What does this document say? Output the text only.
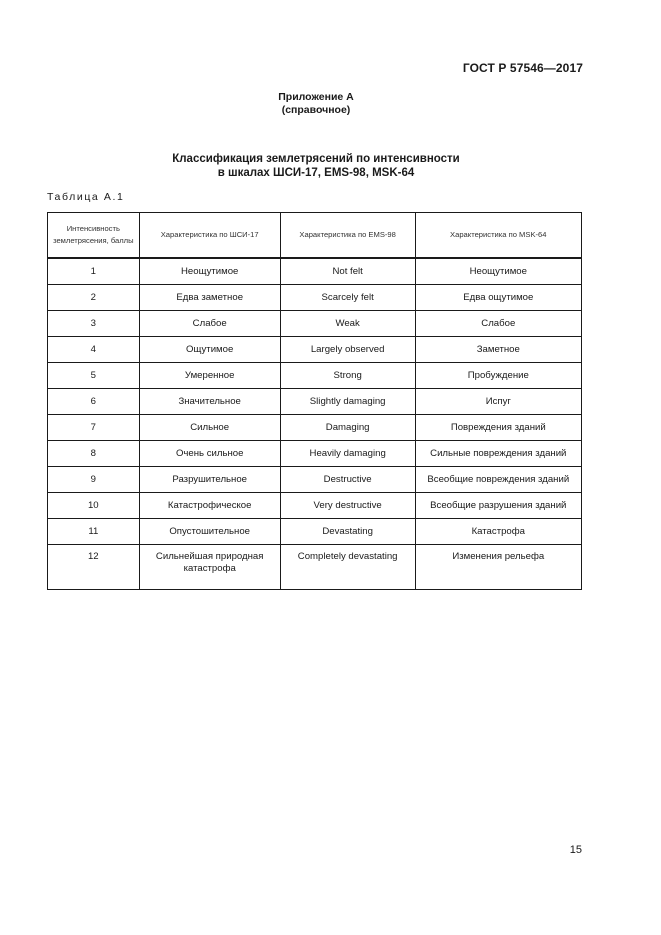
ГОСТ Р 57546—2017
Приложение А
(справочное)
Классификация землетрясений по интенсивности
в шкалах ШСИ-17, EMS-98, MSK-64
Таблица А.1
Интенсивность землетрясения, баллы	Характеристика по ШСИ-17	Характеристика по EMS-98	Характеристика по MSK-64
1	Неощутимое	Not felt	Неощутимое
2	Едва заметное	Scarcely felt	Едва ощутимое
3	Слабое	Weak	Слабое
4	Ощутимое	Largely observed	Заметное
5	Умеренное	Strong	Пробуждение
6	Значительное	Slightly damaging	Испуг
7	Сильное	Damaging	Повреждения зданий
8	Очень сильное	Heavily damaging	Сильные повреждения зданий
9	Разрушительное	Destructive	Всеобщие повреждения зданий
10	Катастрофическое	Very destructive	Всеобщие разрушения зданий
11	Опустошительное	Devastating	Катастрофа
12	Сильнейшая природная катастрофа	Completely devastating	Изменения рельефа
15
